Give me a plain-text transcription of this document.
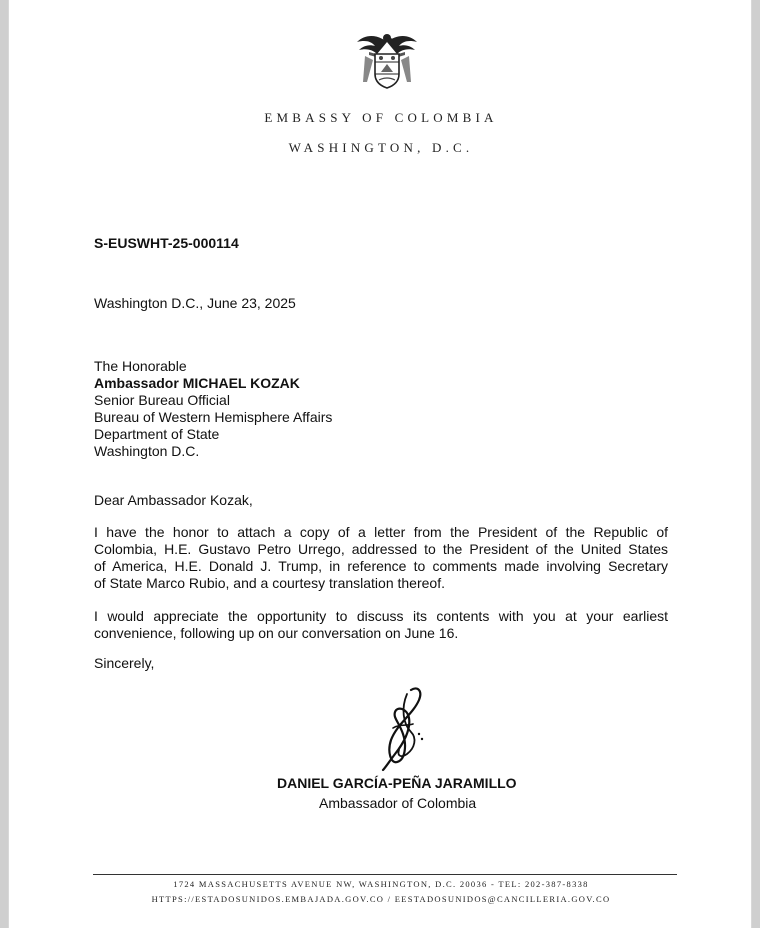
EMBASSY OF COLOMBIA
WASHINGTON, D.C.
S-EUSWHT-25-000114
Washington D.C., June 23, 2025
The Honorable
Ambassador MICHAEL KOZAK
Senior Bureau Official
Bureau of Western Hemisphere Affairs
Department of State
Washington D.C.
Dear Ambassador Kozak,
I have the honor to attach a copy of a letter from the President of the Republic of
Colombia, H.E. Gustavo Petro Urrego, addressed to the President of the United States
of America, H.E. Donald J. Trump, in reference to comments made involving Secretary
of State Marco Rubio, and a courtesy translation thereof.
I would appreciate the opportunity to discuss its contents with you at your earliest
convenience, following up on our conversation on June 16.
Sincerely,
DANIEL GARCÍA-PEÑA JARAMILLO
Ambassador of Colombia
1724 MASSACHUSETTS AVENUE NW, WASHINGTON, D.C. 20036 - TEL: 202-387-8338
HTTPS://ESTADOSUNIDOS.EMBAJADA.GOV.CO / EESTADOSUNIDOS@CANCILLERIA.GOV.CO
